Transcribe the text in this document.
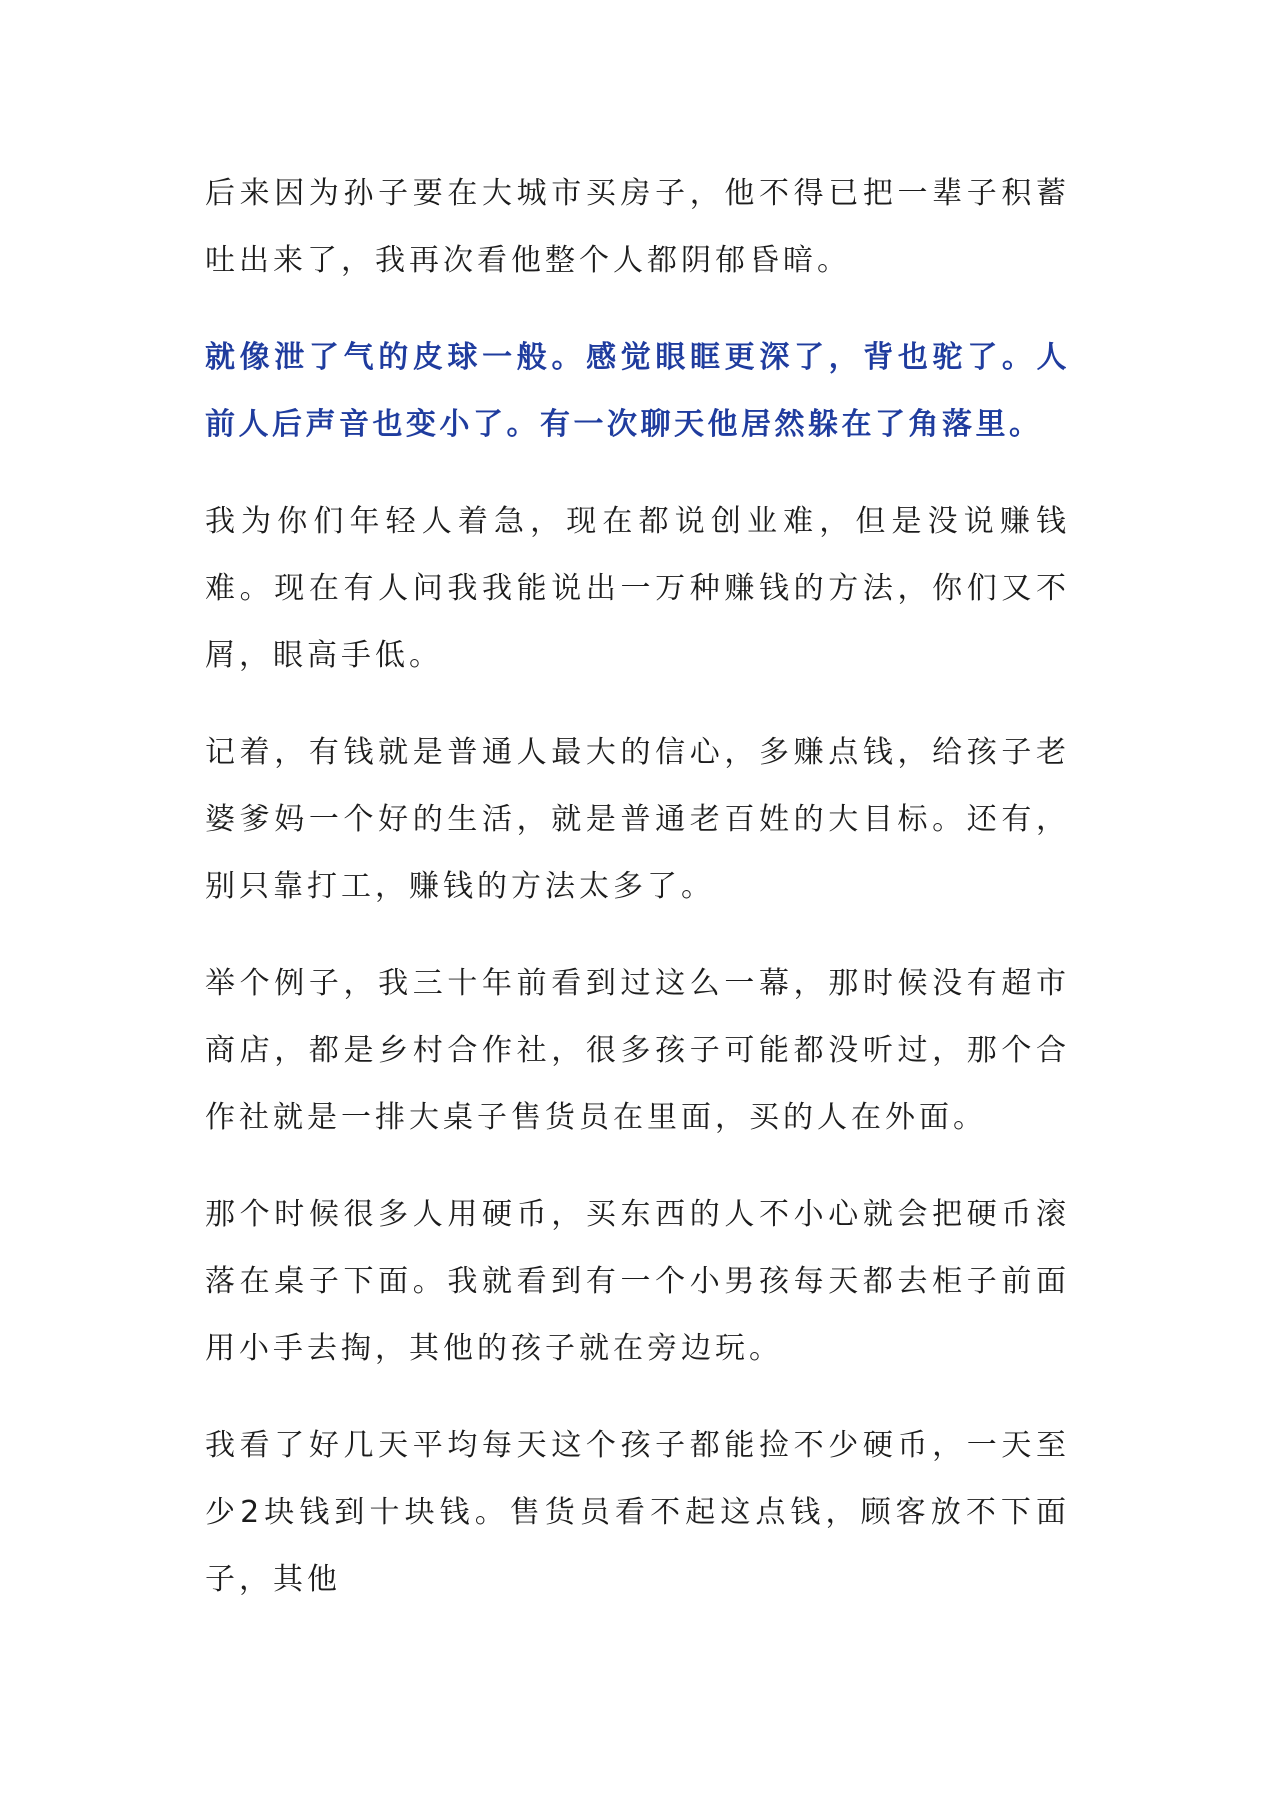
后来因为孙子要在大城市买房子，他不得已把一辈子积蓄吐出来了，我再次看他整个人都阴郁昏暗。

就像泄了气的皮球一般。感觉眼眶更深了，背也驼了。人前人后声音也变小了。有一次聊天他居然躲在了角落里。

我为你们年轻人着急，现在都说创业难，但是没说赚钱难。现在有人问我我能说出一万种赚钱的方法，你们又不屑，眼高手低。

记着，有钱就是普通人最大的信心，多赚点钱，给孩子老婆爹妈一个好的生活，就是普通老百姓的大目标。还有，别只靠打工，赚钱的方法太多了。

举个例子，我三十年前看到过这么一幕，那时候没有超市商店，都是乡村合作社，很多孩子可能都没听过，那个合作社就是一排大桌子售货员在里面，买的人在外面。

那个时候很多人用硬币，买东西的人不小心就会把硬币滚落在桌子下面。我就看到有一个小男孩每天都去柜子前面用小手去掏，其他的孩子就在旁边玩。

我看了好几天平均每天这个孩子都能捡不少硬币，一天至少2块钱到十块钱。售货员看不起这点钱，顾客放不下面子，其他
